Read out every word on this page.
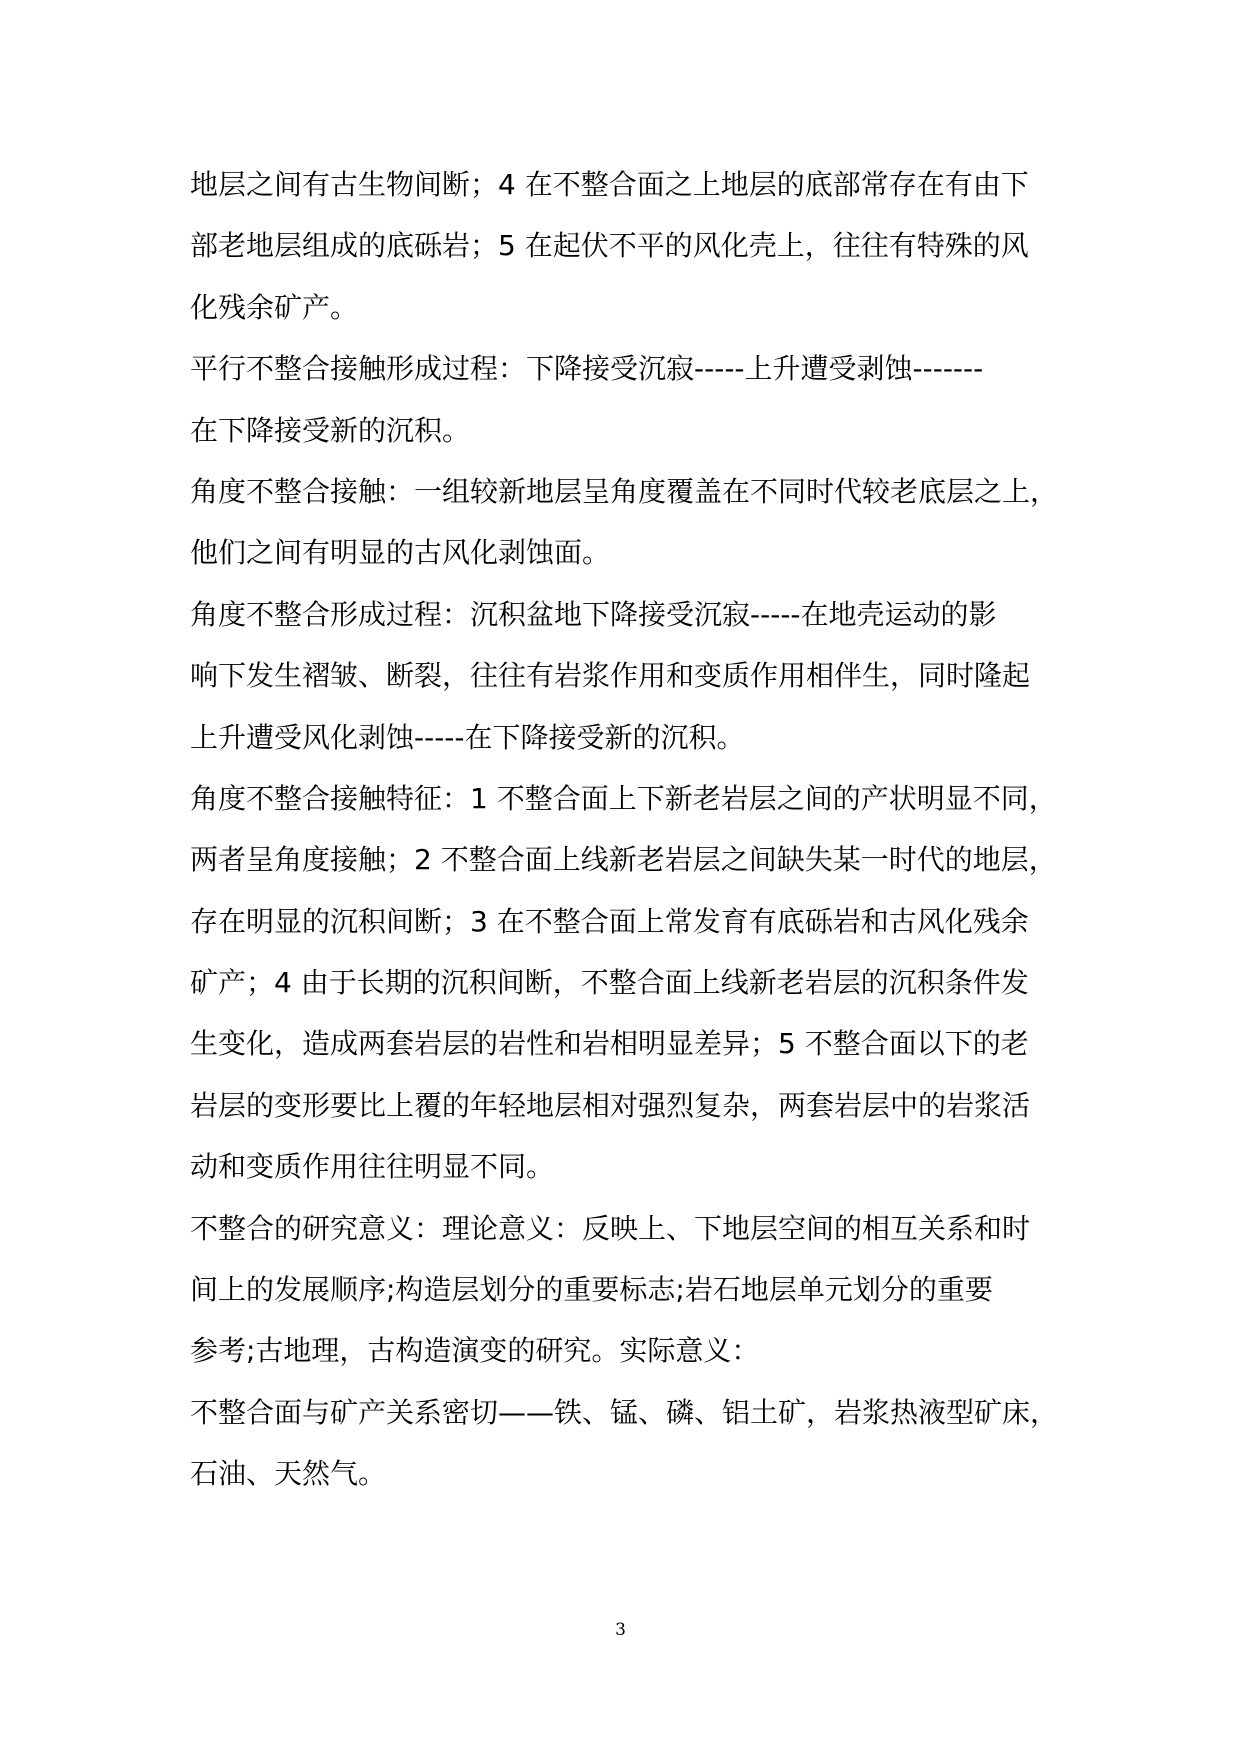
地层之间有古生物间断；4 在不整合面之上地层的底部常存在有由下
部老地层组成的底砾岩；5 在起伏不平的风化壳上，往往有特殊的风
化残余矿产。
平行不整合接触形成过程：下降接受沉寂-----上升遭受剥蚀-------
在下降接受新的沉积。
角度不整合接触：一组较新地层呈角度覆盖在不同时代较老底层之上，
他们之间有明显的古风化剥蚀面。
角度不整合形成过程：沉积盆地下降接受沉寂-----在地壳运动的影
响下发生褶皱、断裂，往往有岩浆作用和变质作用相伴生，同时隆起
上升遭受风化剥蚀-----在下降接受新的沉积。
角度不整合接触特征：1 不整合面上下新老岩层之间的产状明显不同，
两者呈角度接触；2 不整合面上线新老岩层之间缺失某一时代的地层，
存在明显的沉积间断；3 在不整合面上常发育有底砾岩和古风化残余
矿产；4 由于长期的沉积间断，不整合面上线新老岩层的沉积条件发
生变化，造成两套岩层的岩性和岩相明显差异；5 不整合面以下的老
岩层的变形要比上覆的年轻地层相对强烈复杂，两套岩层中的岩浆活
动和变质作用往往明显不同。
不整合的研究意义：理论意义：反映上、下地层空间的相互关系和时
间上的发展顺序;构造层划分的重要标志;岩石地层单元划分的重要
参考;古地理，古构造演变的研究。实际意义：
不整合面与矿产关系密切——铁、锰、磷、铝土矿，岩浆热液型矿床，
石油、天然气。
3
